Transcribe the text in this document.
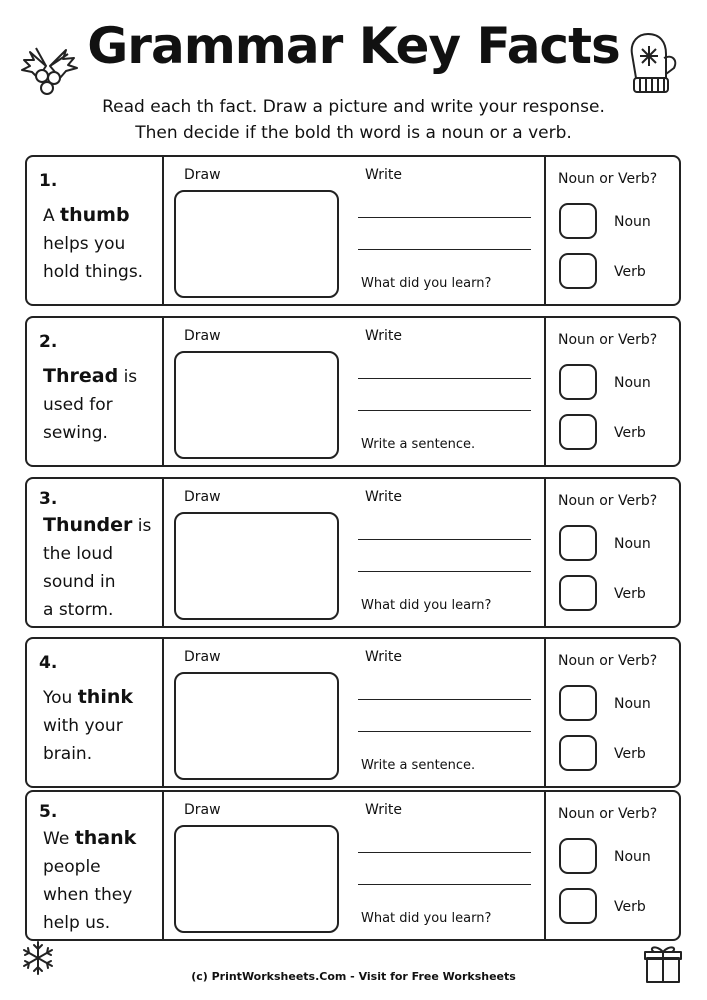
Grammar Key Facts
Read each th fact. Draw a picture and write your response.
Then decide if the bold th word is a noun or a verb.
1.
A thumb
helps you
hold things.
Draw	Write
What did you learn?
Noun or Verb?
Noun
Verb
2.
Thread is
used for
sewing.
Draw	Write
Write a sentence.
Noun or Verb?
Noun
Verb
3.
Thunder is
the loud
sound in
a storm.
Draw	Write
What did you learn?
Noun or Verb?
Noun
Verb
4.
You think
with your
brain.
Draw	Write
Write a sentence.
Noun or Verb?
Noun
Verb
5.
We thank
people
when they
help us.
Draw	Write
What did you learn?
Noun or Verb?
Noun
Verb
(c) PrintWorksheets.Com - Visit for Free Worksheets
